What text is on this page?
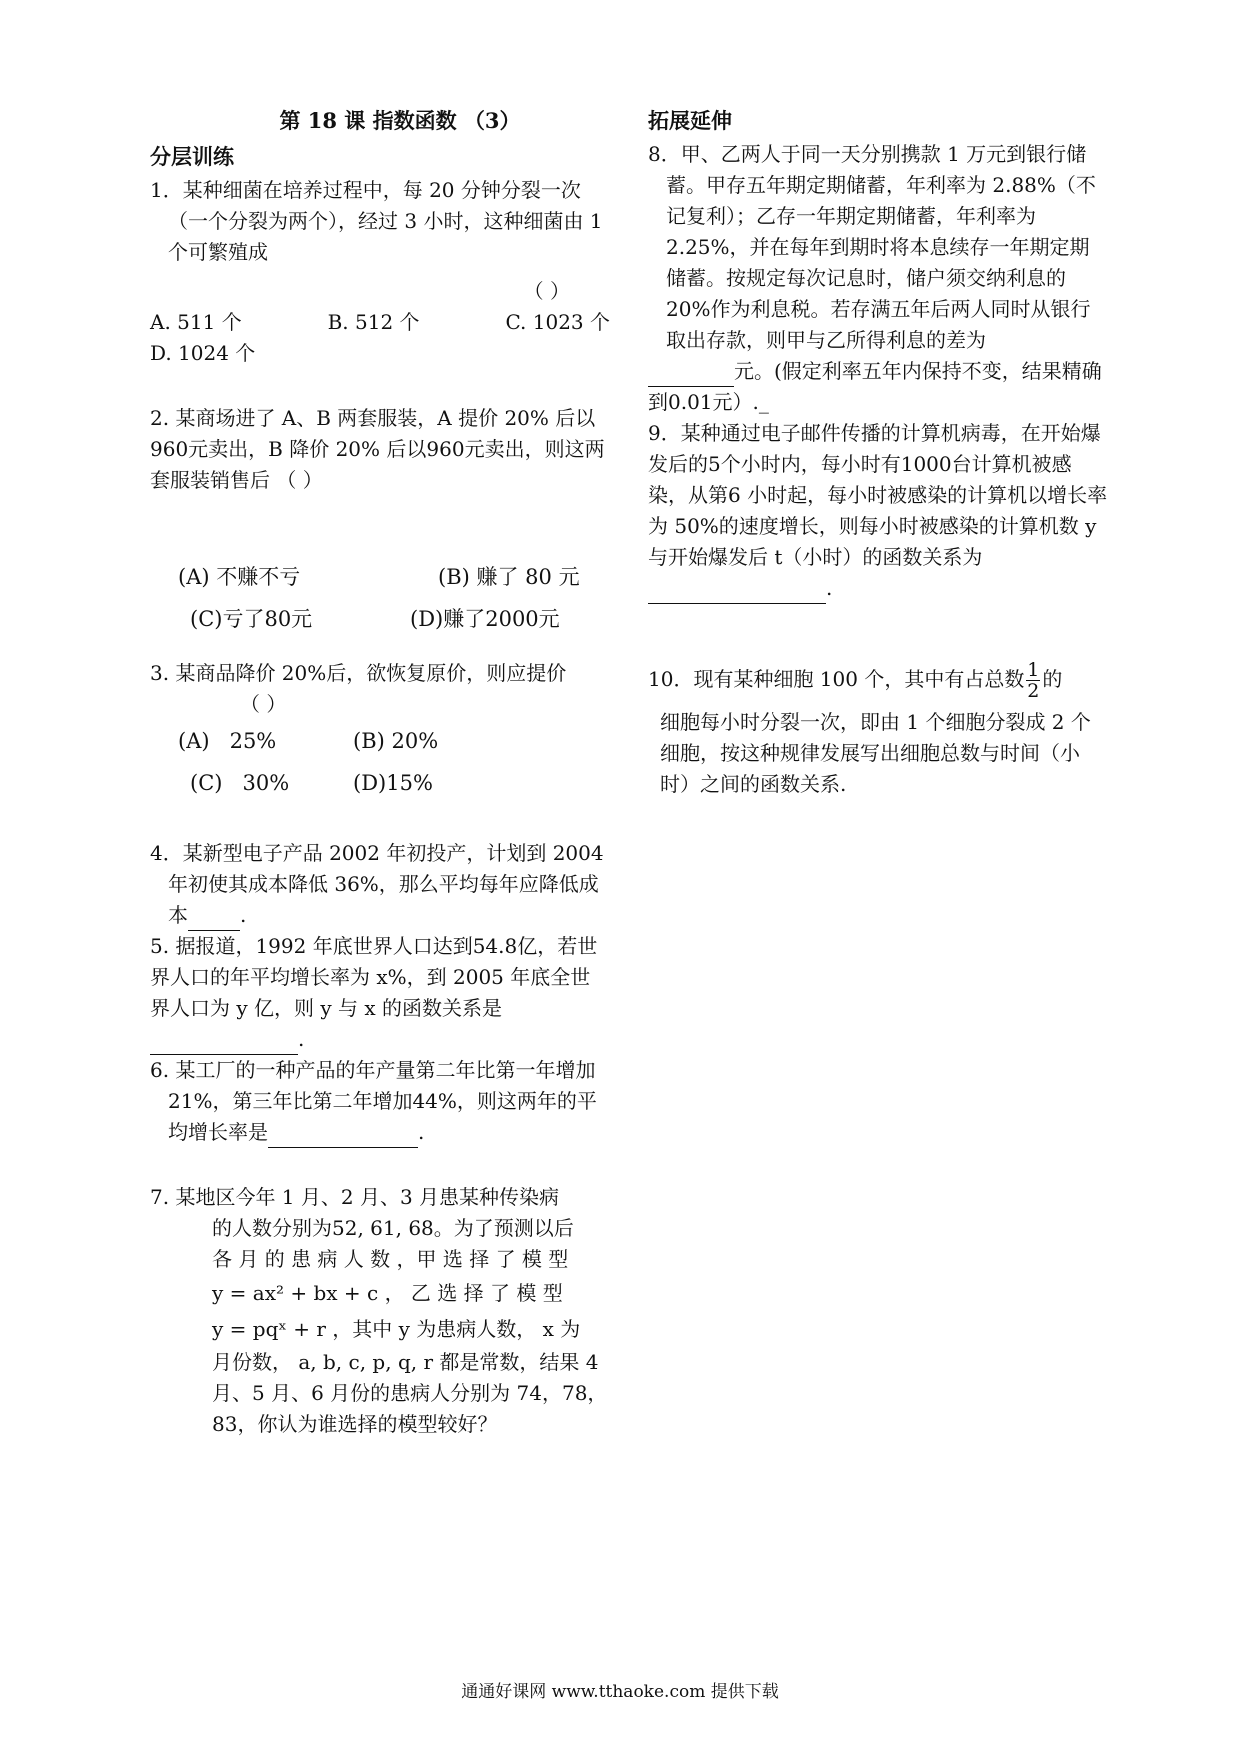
第 18 课 指数函数 （3）
分层训练

1．某种细菌在培养过程中，每 20 分钟分裂一次（一个分裂为两个），经过 3 小时，这种细菌由 1 个可繁殖成

（ ）
A. 511 个	B. 512 个	C. 1023 个

D. 1024 个

2. 某商场进了 A、B 两套服装，A 提价 20% 后以960元卖出，B 降价 20% 后以960元卖出，则这两套服装销售后 （ ）

(A) 不赚不亏	(B) 赚了 80 元
(C)亏了80元	(D)赚了2000元

3. 某商品降价 20%后，欲恢复原价，则应提价

（ ）

(A)   25%	(B) 20%
(C)   30%	(D)15%

4．某新型电子产品 2002 年初投产，计划到 2004 年初使其成本降低 36%，那么平均每年应降低成本	.

5. 据报道，1992 年底世界人口达到54.8亿，若世界人口的年平均增长率为 x%，到 2005 年底全世界人口为 y 亿，则 y 与 x 的函数关系是.

6. 某工厂的一种产品的年产量第二年比第一年增加21%，第三年比第二年增加44%，则这两年的平均增长率是	.

7. 某地区今年 1 月、2 月、3 月患某种传染病

的人数分别为52, 61, 68。为了预测以后

各 月 的 患 病 人 数 ，甲 选 择 了 模 型

y = ax² + bx + c ， 乙 选 择 了 模 型

y = pqˣ + r ，其中 y 为患病人数， x 为

月份数， a, b, c, p, q, r 都是常数，结果 4

月、5 月、6 月份的患病人分别为 74，78，

83，你认为谁选择的模型较好？

拓展延伸

8．甲、乙两人于同一天分别携款 1 万元到银行储蓄。甲存五年期定期储蓄，年利率为 2.88%（不记复利）；乙存一年期定期储蓄，年利率为 2.25%，并在每年到期时将本息续存一年期定期储蓄。按规定每次记息时，储户须交纳利息的 20%作为利息税。若存满五年后两人同时从银行取出存款，则甲与乙所得利息的差为

元。(假定利率五年内保持不变，结果精确到0.01元）._

9．某种通过电子邮件传播的计算机病毒，在开始爆发后的5个小时内，每小时有1000台计算机被感染，从第6 小时起，每小时被感染的计算机以增长率为 50%的速度增长，则每小时被感染的计算机数 y 与开始爆发后 t（小时）的函数关系为.

10．现有某种细胞 100 个，其中有占总数 $\frac{1}{2}$ 的

细胞每小时分裂一次，即由 1 个细胞分裂成 2 个细胞，按这种规律发展写出细胞总数与时间（小时）之间的函数关系.

通通好课网 www.tthaoke.com 提供下载
